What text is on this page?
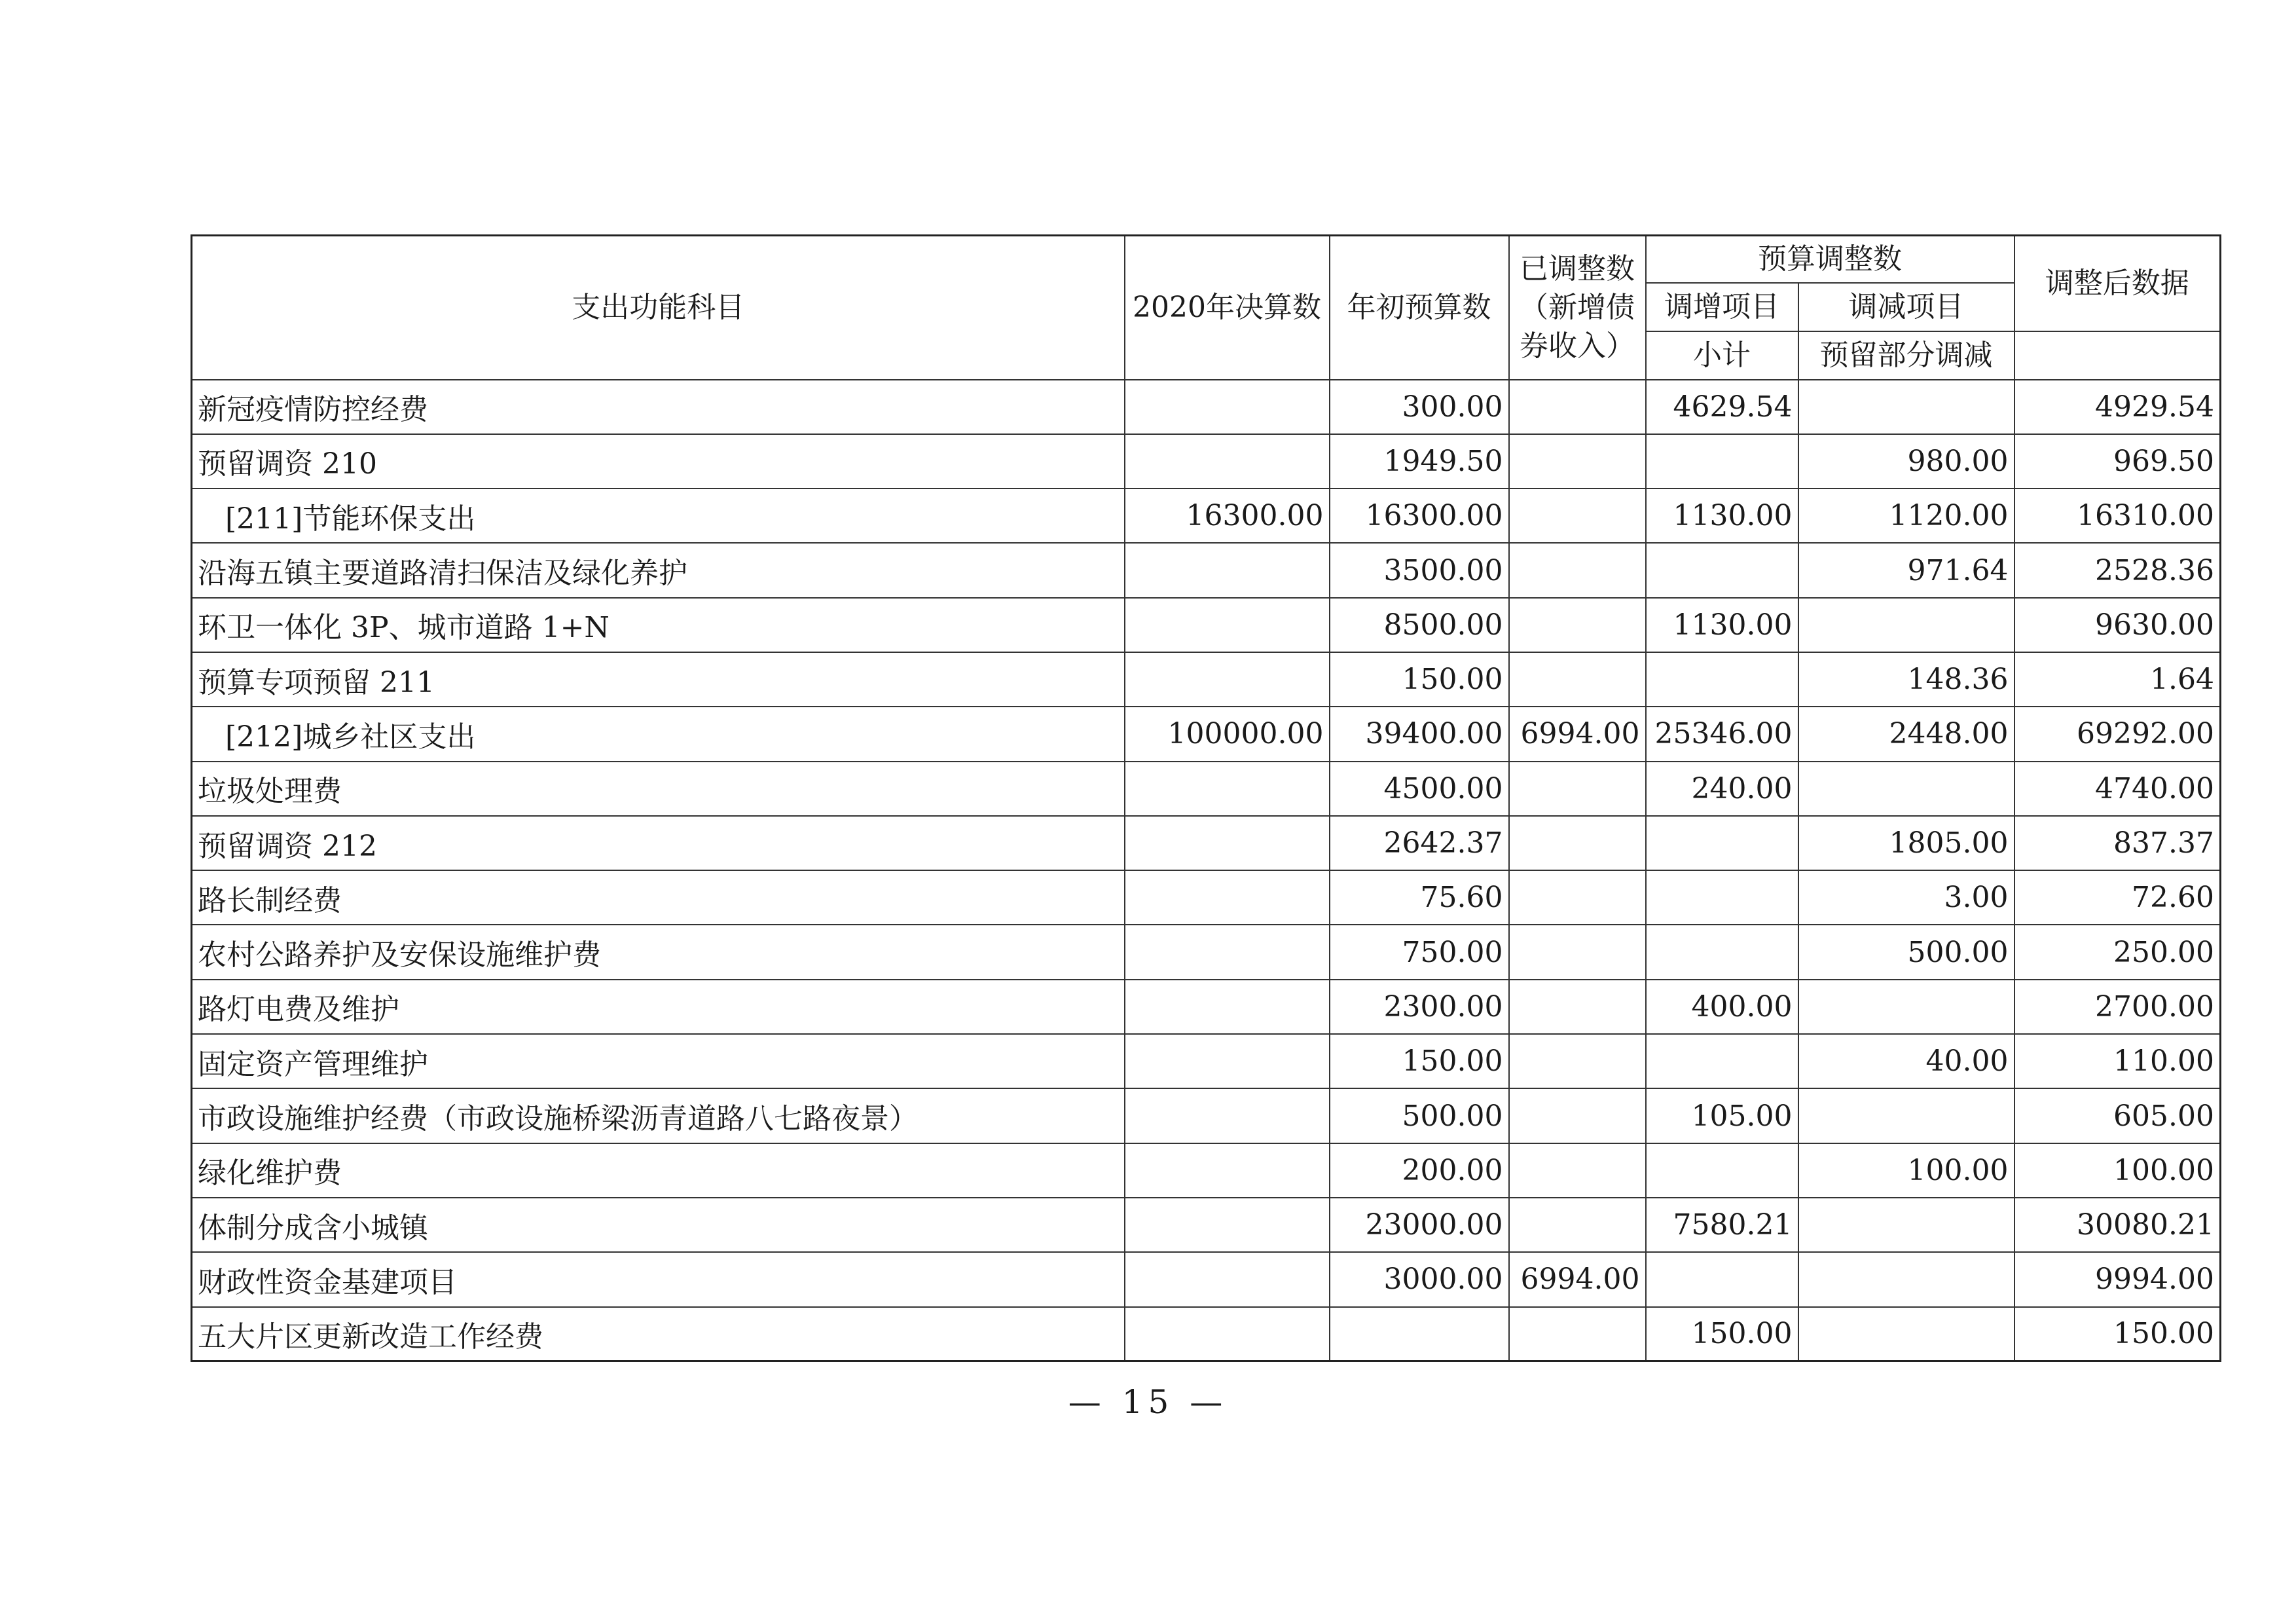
支出功能科目	2020年决算数	年初预算数	已调整数
（新增债
券收入）	预算调整数		调整后数据
				调增项目	调减项目	
				小计	预留部分调减	
新冠疫情防控经费		300.00		4629.54		4929.54
预留调资 210		1949.50			980.00	969.50
[211]节能环保支出	16300.00	16300.00		1130.00	1120.00	16310.00
沿海五镇主要道路清扫保洁及绿化养护		3500.00			971.64	2528.36
环卫一体化 3P、城市道路 1+N		8500.00		1130.00		9630.00
预算专项预留 211		150.00			148.36	1.64
[212]城乡社区支出	100000.00	39400.00	6994.00	25346.00	2448.00	69292.00
垃圾处理费		4500.00		240.00		4740.00
预留调资 212		2642.37			1805.00	837.37
路长制经费		75.60			3.00	72.60
农村公路养护及安保设施维护费		750.00			500.00	250.00
路灯电费及维护		2300.00		400.00		2700.00
固定资产管理维护		150.00			40.00	110.00
市政设施维护经费（市政设施桥梁沥青道路八七路夜景）		500.00		105.00		605.00
绿化维护费		200.00			100.00	100.00
体制分成含小城镇		23000.00		7580.21		30080.21
财政性资金基建项目		3000.00	6994.00			9994.00
五大片区更新改造工作经费				150.00		150.00
— 15 —
